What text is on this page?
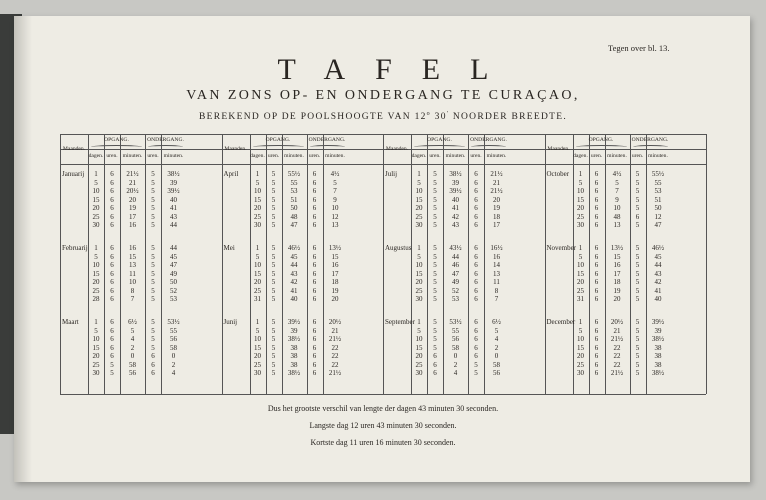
Tegen over bl. 13.
TAFEL
VAN ZONS OP- EN ONDERGANG TE CURAÇAO,
BEREKEND OP DE POOLSHOOGTE VAN 12$^o$ 30' NOORDER BREEDTE.
Maanden.
OPGANG.	ONDERGANG.
dagen. uren. minuten. uren. minuten.
Januarij	1	6	21½	5	38½
5	6	21	5	39
10	6	20½	5	39½
15	6	20	5	40
20	6	19	5	41
25	6	17	5	43
30	6	16	5	44
Februarij 1	6	16	5	44
5	6	15	5	45
10	6	13	5	47
15	6	11	5	49
20	6	10	5	50
25	6	8	5	52
28	6	7	5	53
Maart	1	6	6½	5	53½
5	6	5	5	55
10	6	4	5	56
15	6	2	5	58
20	6	0	6	0
25	5	58	6	2
30	5	56	6	4
Maanden.
OPGANG.	ONDERGANG.
dagen. uren. minuten. uren. minuten.
April	1	5	55½	6	4½
5	5	55	6	5
10	5	53	6	7
15	5	51	6	9
20	5	50	6	10
25	5	48	6	12
30	5	47	6	13
Mei	1	5	46½	6	13½
5	5	45	6	15
10	5	44	6	16
15	5	43	6	17
20	5	42	6	18
25	5	41	6	19
31	5	40	6	20
Junij	1	5	39½	6	20½
5	5	39	6	21
10	5	38½	6	21½
15	5	38	6	22
20	5	38	6	22
25	5	38	6	22
30	5	38½	6	21½
Maanden.
OPGANG.	ONDERGANG.
dagen. uren. minuten. uren. minuten.
Julij	1	5	38½	6	21½
5	5	39	6	21
10	5	39½	6	21½
15	5	40	6	20
20	5	41	6	19
25	5	42	6	18
30	5	43	6	17
Augustus 1	5	43½	6	16½
5	5	44	6	16
10	5	46	6	14
15	5	47	6	13
20	5	49	6	11
25	5	52	6	8
30	5	53	6	7
September 1	5	53½	6	6½
5	5	55	6	5
10	5	56	6	4
15	5	58	6	2
20	6	0	6	0
25	6	2	5	58
30	6	4	5	56
Maanden.
OPGANG.	ONDERGANG.
dagen. uren. minuten. uren. minuten.
October	1	6	4½	5	55½
5	6	5	5	55
10	6	7	5	53
15	6	9	5	51
20	6	10	5	50
25	6	48	6	12
30	6	13	5	47
November 1	6	13½	5	46½
5	6	15	5	45
10	6	16	5	44
15	6	17	5	43
20	6	18	5	42
25	6	19	5	41
31	6	20	5	40
December 1	6	20½	5	39½
5	6	21	5	39
10	6	21½	5	38½
15	6	22	5	38
20	6	22	5	38
25	6	22	5	38
30	6	21½	5	38½
Dus het grootste verschil van lengte der dagen 43 minuten 30 seconden.
Langste dag 12 uren 43 minuten 30 seconden.
Kortste dag 11 uren 16 minuten 30 seconden.
